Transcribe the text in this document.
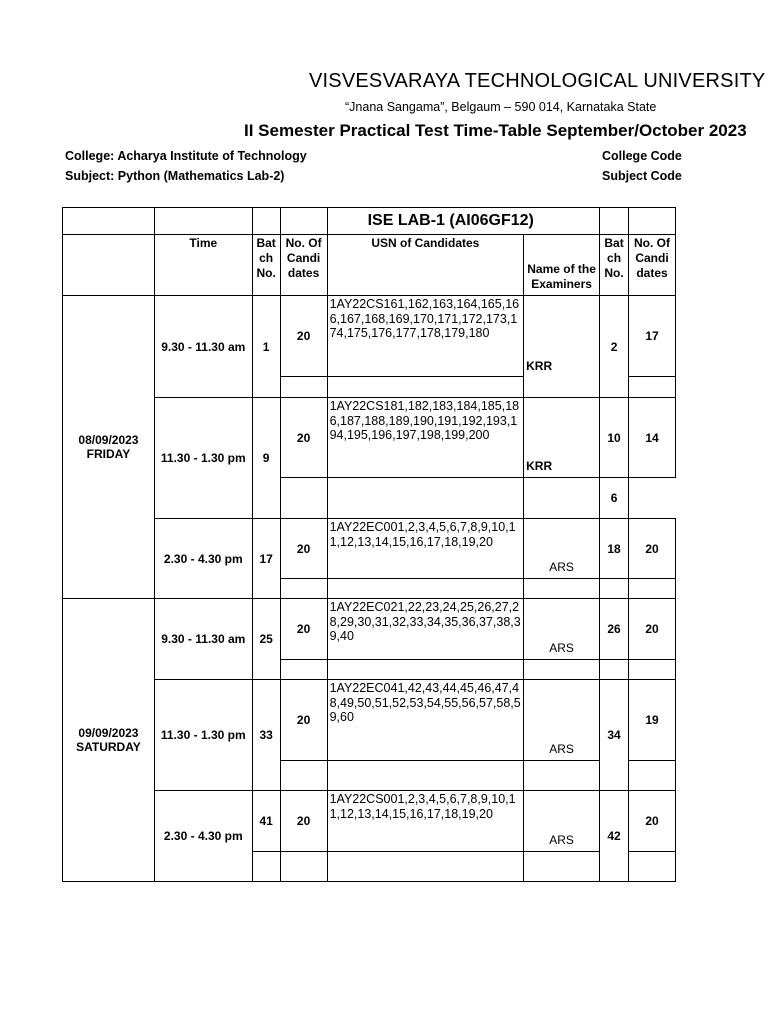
VISVESVARAYA TECHNOLOGICAL UNIVERSITY
“Jnana Sangama”, Belgaum – 590 014, Karnataka State
II Semester Practical Test Time-Table September/October 2023
College: Acharya Institute of Technology
Subject: Python (Mathematics Lab-2)
College Code
Subject Code
				ISE LAB-1 (AI06GF12)			
	Time	Bat ch No.	No. Of Candi dates	USN of Candidates	Name of the Examiners	Bat ch No.	No. Of Candi dates

08/09/2023
FRIDAY	9.30 - 11.30 am	1	20	1AY22CS161,162,163,164,165,166,167,168,169,170,171,172,173,174,175,176,177,178,179,180	KRR	2	17

	11.30 - 1.30 pm	9	20	1AY22CS181,182,183,184,185,186,187,188,189,190,191,192,193,194,195,196,197,198,199,200	KRR	10	14
						6	
	2.30 - 4.30 pm	17	20	1AY22EC001,2,3,4,5,6,7,8,9,10,11,12,13,14,15,16,17,18,19,20	ARS	18	20

09/09/2023
SATURDAY	9.30 - 11.30 am	25	20	1AY22EC021,22,23,24,25,26,27,28,29,30,31,32,33,34,35,36,37,38,39,40	ARS	26	20

	11.30 - 1.30 pm	33	20	1AY22EC041,42,43,44,45,46,47,48,49,50,51,52,53,54,55,56,57,58,59,60	ARS	34	19

	2.30 - 4.30 pm	41	20	1AY22CS001,2,3,4,5,6,7,8,9,10,11,12,13,14,15,16,17,18,19,20	ARS	42	20
